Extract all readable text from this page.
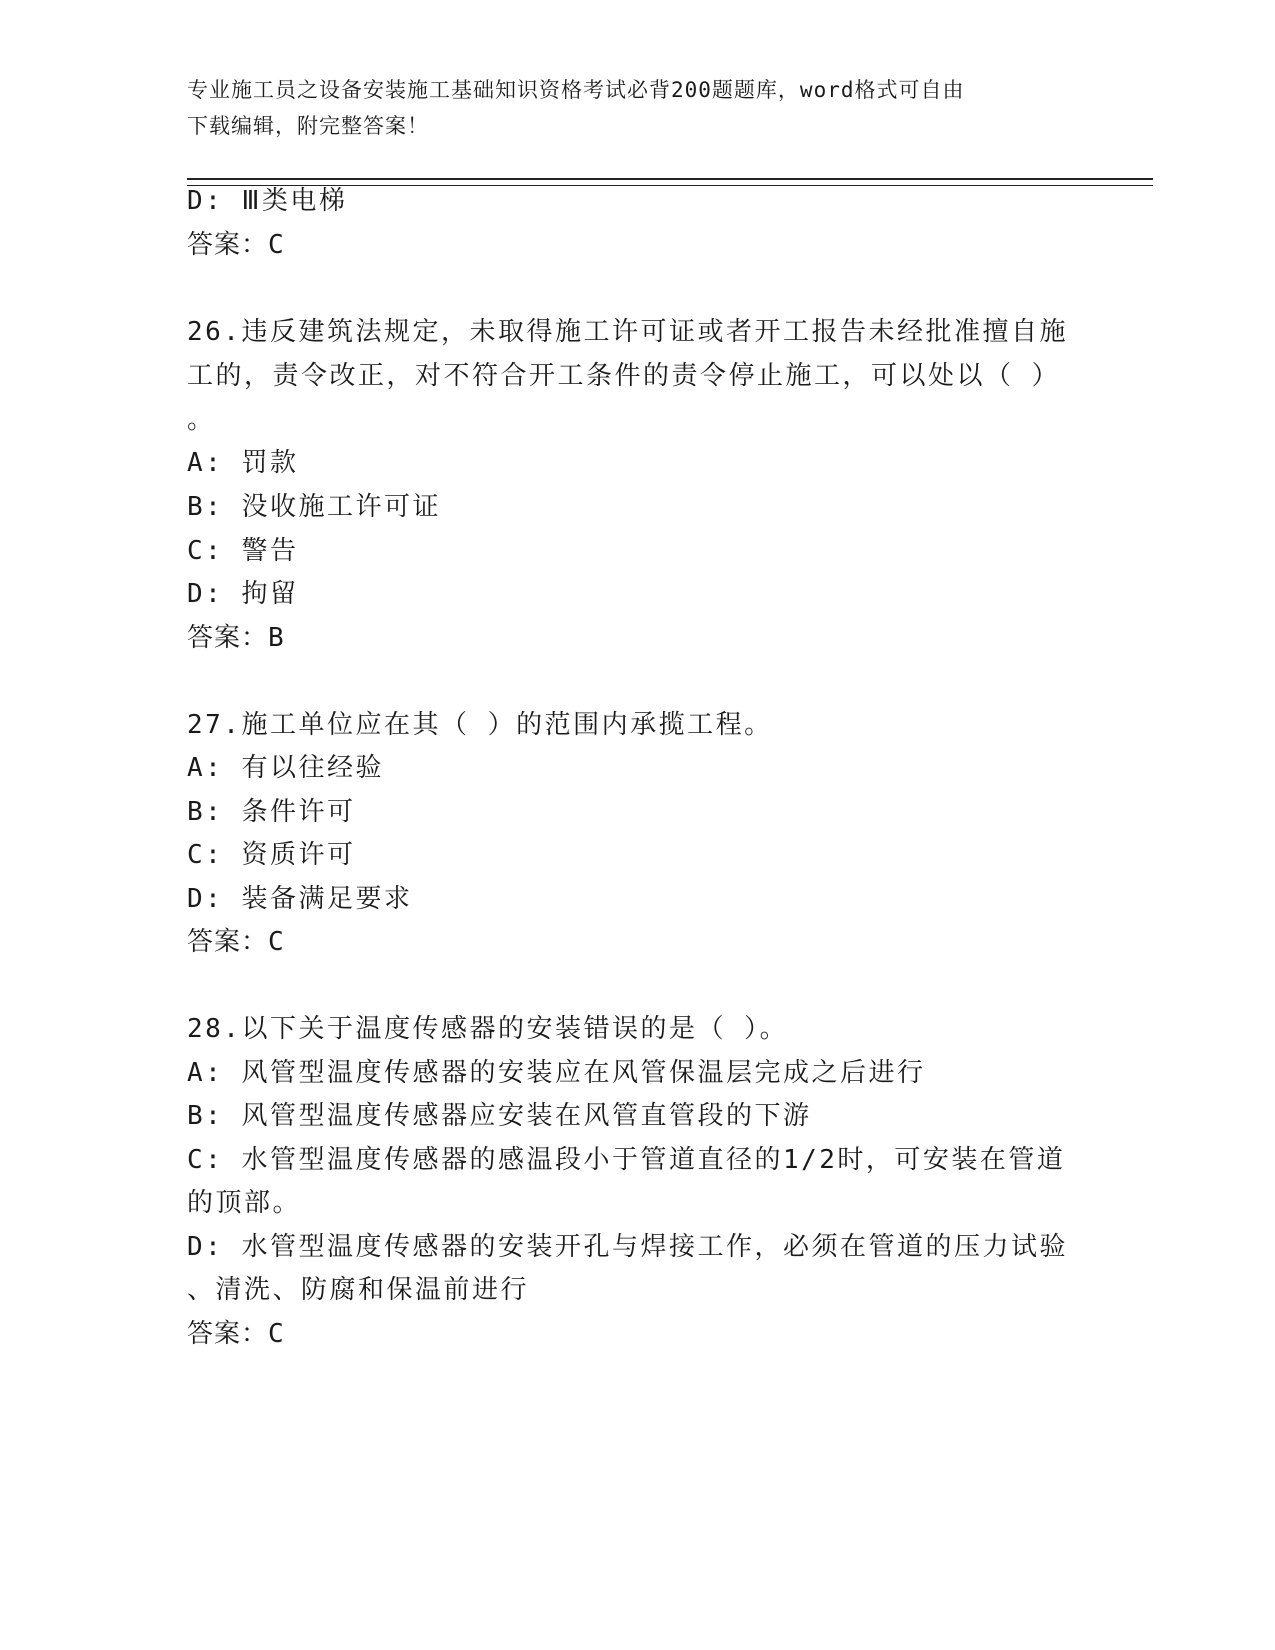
专业施工员之设备安装施工基础知识资格考试必背200题题库，word格式可自由
下载编辑，附完整答案！
D: Ⅲ类电梯
答案：C
26.违反建筑法规定，未取得施工许可证或者开工报告未经批准擅自施
工的，责令改正，对不符合开工条件的责令停止施工，可以处以（ ）
。
A: 罚款
B: 没收施工许可证
C: 警告
D: 拘留
答案：B
27.施工单位应在其（ ）的范围内承揽工程。
A: 有以往经验
B: 条件许可
C: 资质许可
D: 装备满足要求
答案：C
28.以下关于温度传感器的安装错误的是（ ）。
A: 风管型温度传感器的安装应在风管保温层完成之后进行
B: 风管型温度传感器应安装在风管直管段的下游
C: 水管型温度传感器的感温段小于管道直径的1/2时，可安装在管道
的顶部。
D: 水管型温度传感器的安装开孔与焊接工作，必须在管道的压力试验
、清洗、防腐和保温前进行
答案：C
